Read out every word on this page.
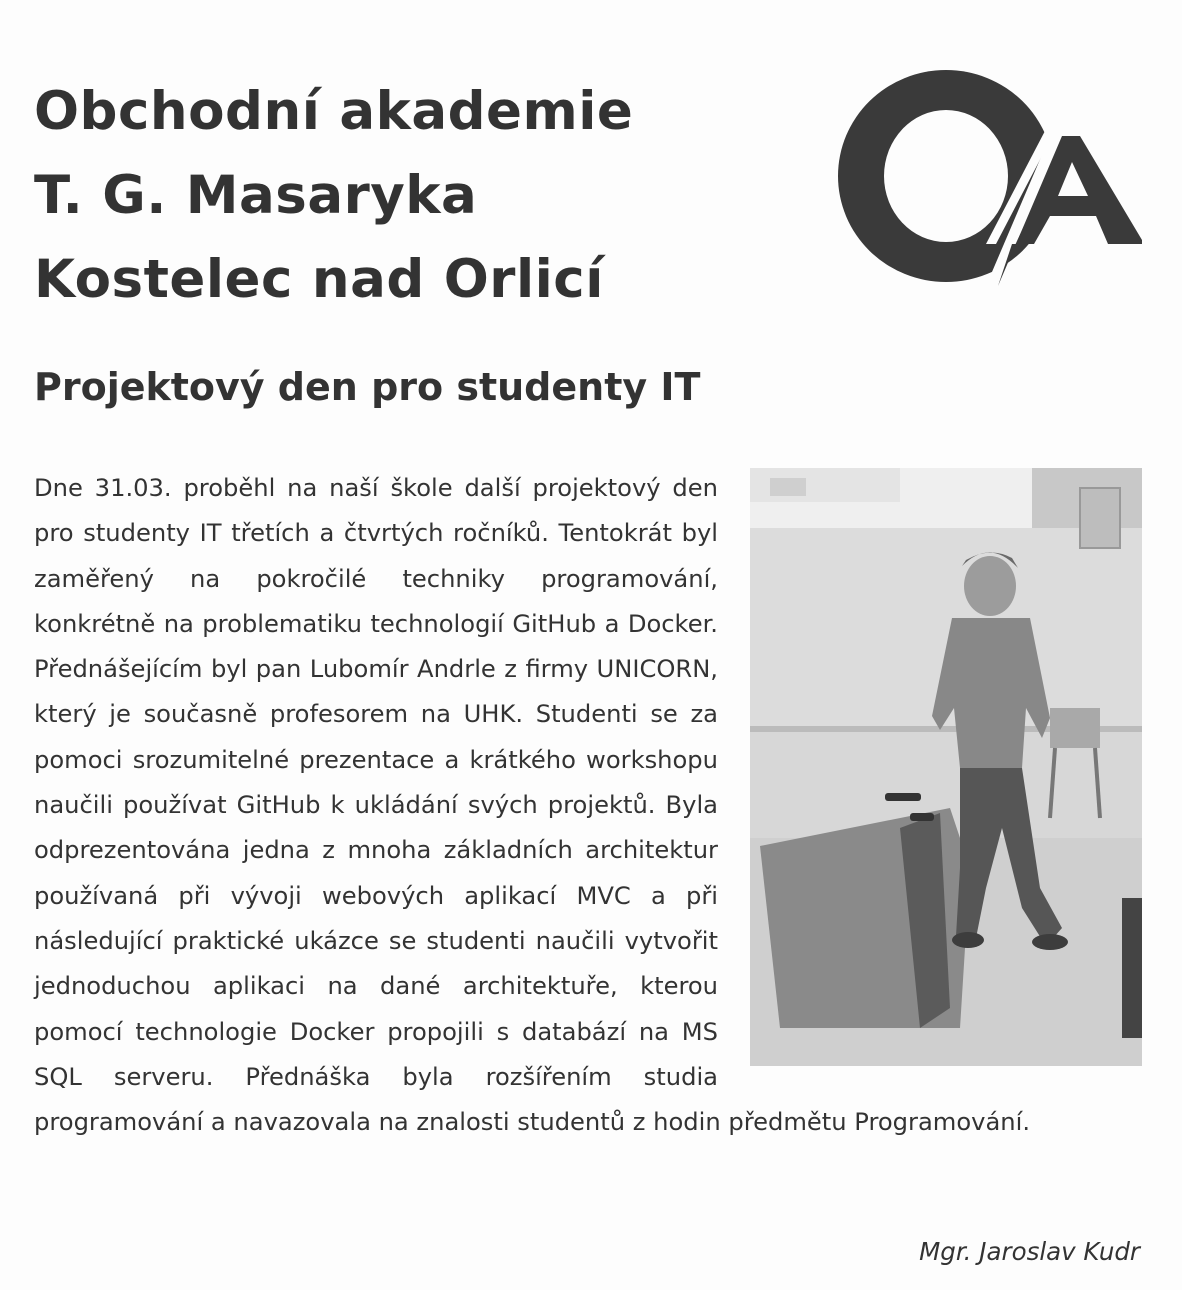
Obchodní akademie
T. G. Masaryka
Kostelec nad Orlicí
Projektový den pro studenty IT
Dne 31.03. proběhl na naší škole další projektový den pro studenty IT třetích a čtvrtých ročníků. Tentokrát byl zaměřený na pokročilé techniky programování, konkrétně na problematiku technologií GitHub a Docker. Přednášejícím byl pan Lubomír Andrle z firmy UNICORN, který je současně profesorem na UHK. Studenti se za pomoci srozumitelné prezentace a krátkého workshopu naučili používat GitHub k ukládání svých projektů. Byla odprezentována jedna z mnoha základních architektur používaná při vývoji webových aplikací MVC a při následující praktické ukázce se studenti naučili vytvořit jednoduchou aplikaci na dané architektuře, kterou pomocí technologie Docker propojili s databází na MS SQL serveru. Přednáška byla rozšířením studia programování a navazovala na znalosti studentů z hodin předmětu Programování.
Mgr. Jaroslav Kudr
